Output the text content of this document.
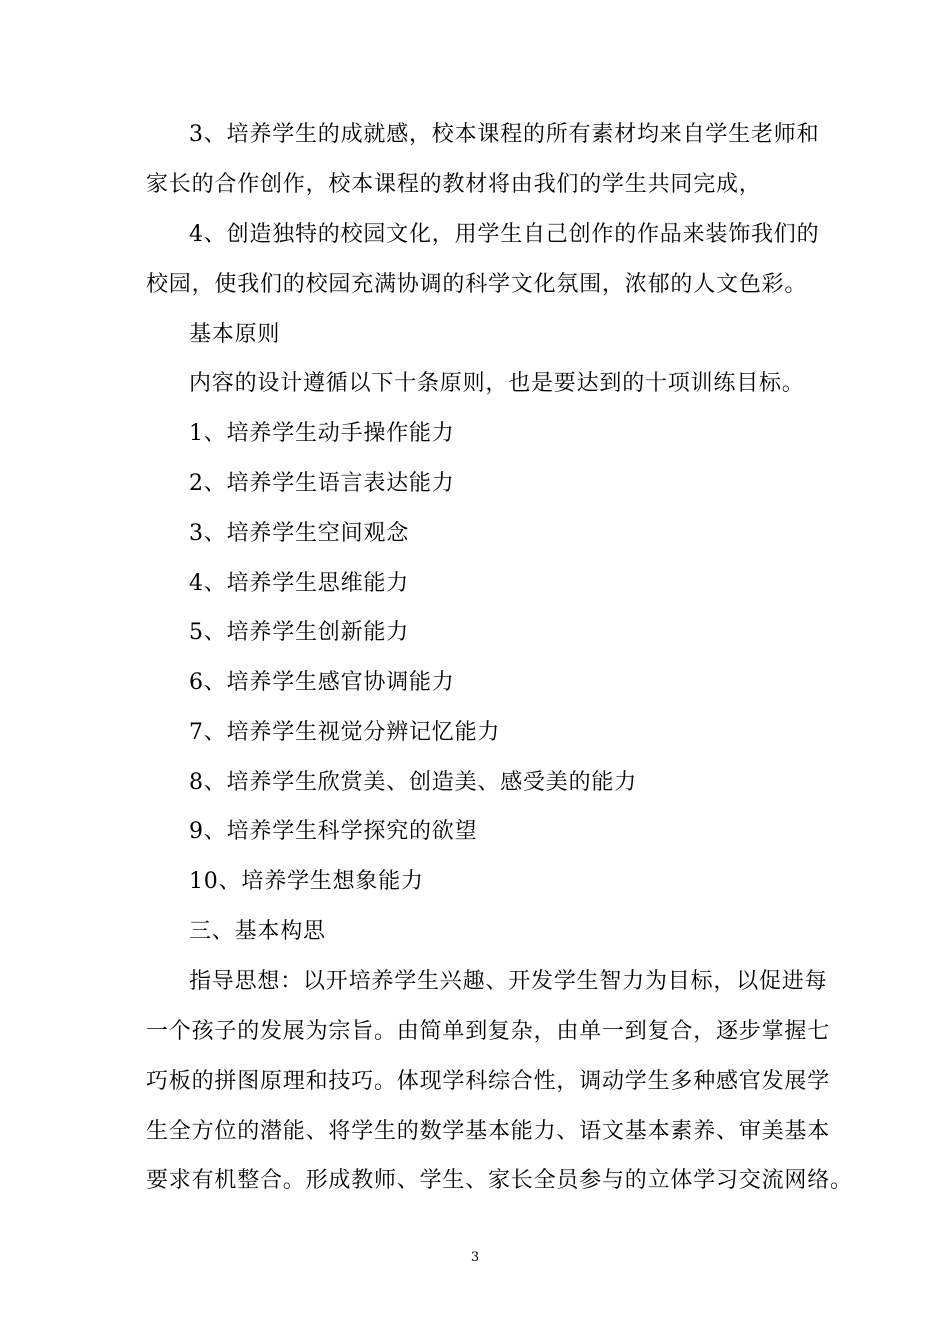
3、培养学生的成就感，校本课程的所有素材均来自学生老师和
家长的合作创作，校本课程的教材将由我们的学生共同完成，
4、创造独特的校园文化，用学生自己创作的作品来装饰我们的
校园，使我们的校园充满协调的科学文化氛围，浓郁的人文色彩。
基本原则
内容的设计遵循以下十条原则，也是要达到的十项训练目标。
1、培养学生动手操作能力
2、培养学生语言表达能力
3、培养学生空间观念
4、培养学生思维能力
5、培养学生创新能力
6、培养学生感官协调能力
7、培养学生视觉分辨记忆能力
8、培养学生欣赏美、创造美、感受美的能力
9、培养学生科学探究的欲望
10、培养学生想象能力
三、基本构思
指导思想：以开培养学生兴趣、开发学生智力为目标，以促进每
一个孩子的发展为宗旨。由简单到复杂，由单一到复合，逐步掌握七
巧板的拼图原理和技巧。体现学科综合性，调动学生多种感官发展学
生全方位的潜能、将学生的数学基本能力、语文基本素养、审美基本
要求有机整合。形成教师、学生、家长全员参与的立体学习交流网络。
3
